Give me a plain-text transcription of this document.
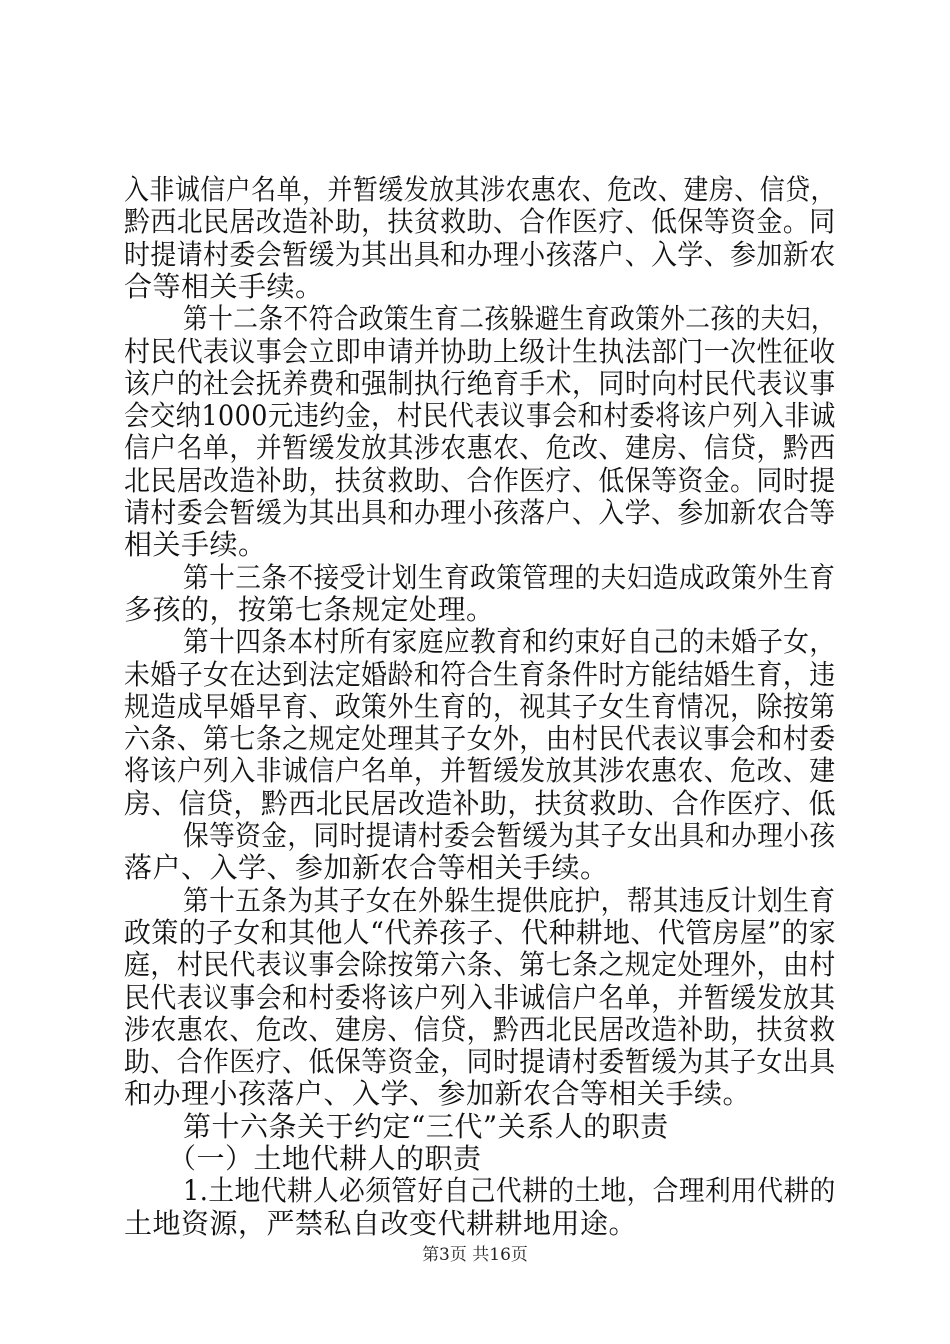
入非诚信户名单，并暂缓发放其涉农惠农、危改、建房、信贷，
黔西北民居改造补助，扶贫救助、合作医疗、低保等资金。同
时提请村委会暂缓为其出具和办理小孩落户、入学、参加新农
合等相关手续。
第十二条不符合政策生育二孩躲避生育政策外二孩的夫妇，
村民代表议事会立即申请并协助上级计生执法部门一次性征收
该户的社会抚养费和强制执行绝育手术，同时向村民代表议事
会交纳1000元违约金，村民代表议事会和村委将该户列入非诚
信户名单，并暂缓发放其涉农惠农、危改、建房、信贷，黔西
北民居改造补助，扶贫救助、合作医疗、低保等资金。同时提
请村委会暂缓为其出具和办理小孩落户、入学、参加新农合等
相关手续。
第十三条不接受计划生育政策管理的夫妇造成政策外生育
多孩的，按第七条规定处理。
第十四条本村所有家庭应教育和约束好自己的未婚子女，
未婚子女在达到法定婚龄和符合生育条件时方能结婚生育，违
规造成早婚早育、政策外生育的，视其子女生育情况，除按第
六条、第七条之规定处理其子女外，由村民代表议事会和村委
将该户列入非诚信户名单，并暂缓发放其涉农惠农、危改、建
房、信贷，黔西北民居改造补助，扶贫救助、合作医疗、低
保等资金，同时提请村委会暂缓为其子女出具和办理小孩
落户、入学、参加新农合等相关手续。
第十五条为其子女在外躲生提供庇护，帮其违反计划生育
政策的子女和其他人“代养孩子、代种耕地、代管房屋”的家
庭，村民代表议事会除按第六条、第七条之规定处理外，由村
民代表议事会和村委将该户列入非诚信户名单，并暂缓发放其
涉农惠农、危改、建房、信贷，黔西北民居改造补助，扶贫救
助、合作医疗、低保等资金，同时提请村委暂缓为其子女出具
和办理小孩落户、入学、参加新农合等相关手续。
第十六条关于约定“三代”关系人的职责
（一）土地代耕人的职责
1.土地代耕人必须管好自己代耕的土地，合理利用代耕的
土地资源，严禁私自改变代耕耕地用途。
第3页 共16页
